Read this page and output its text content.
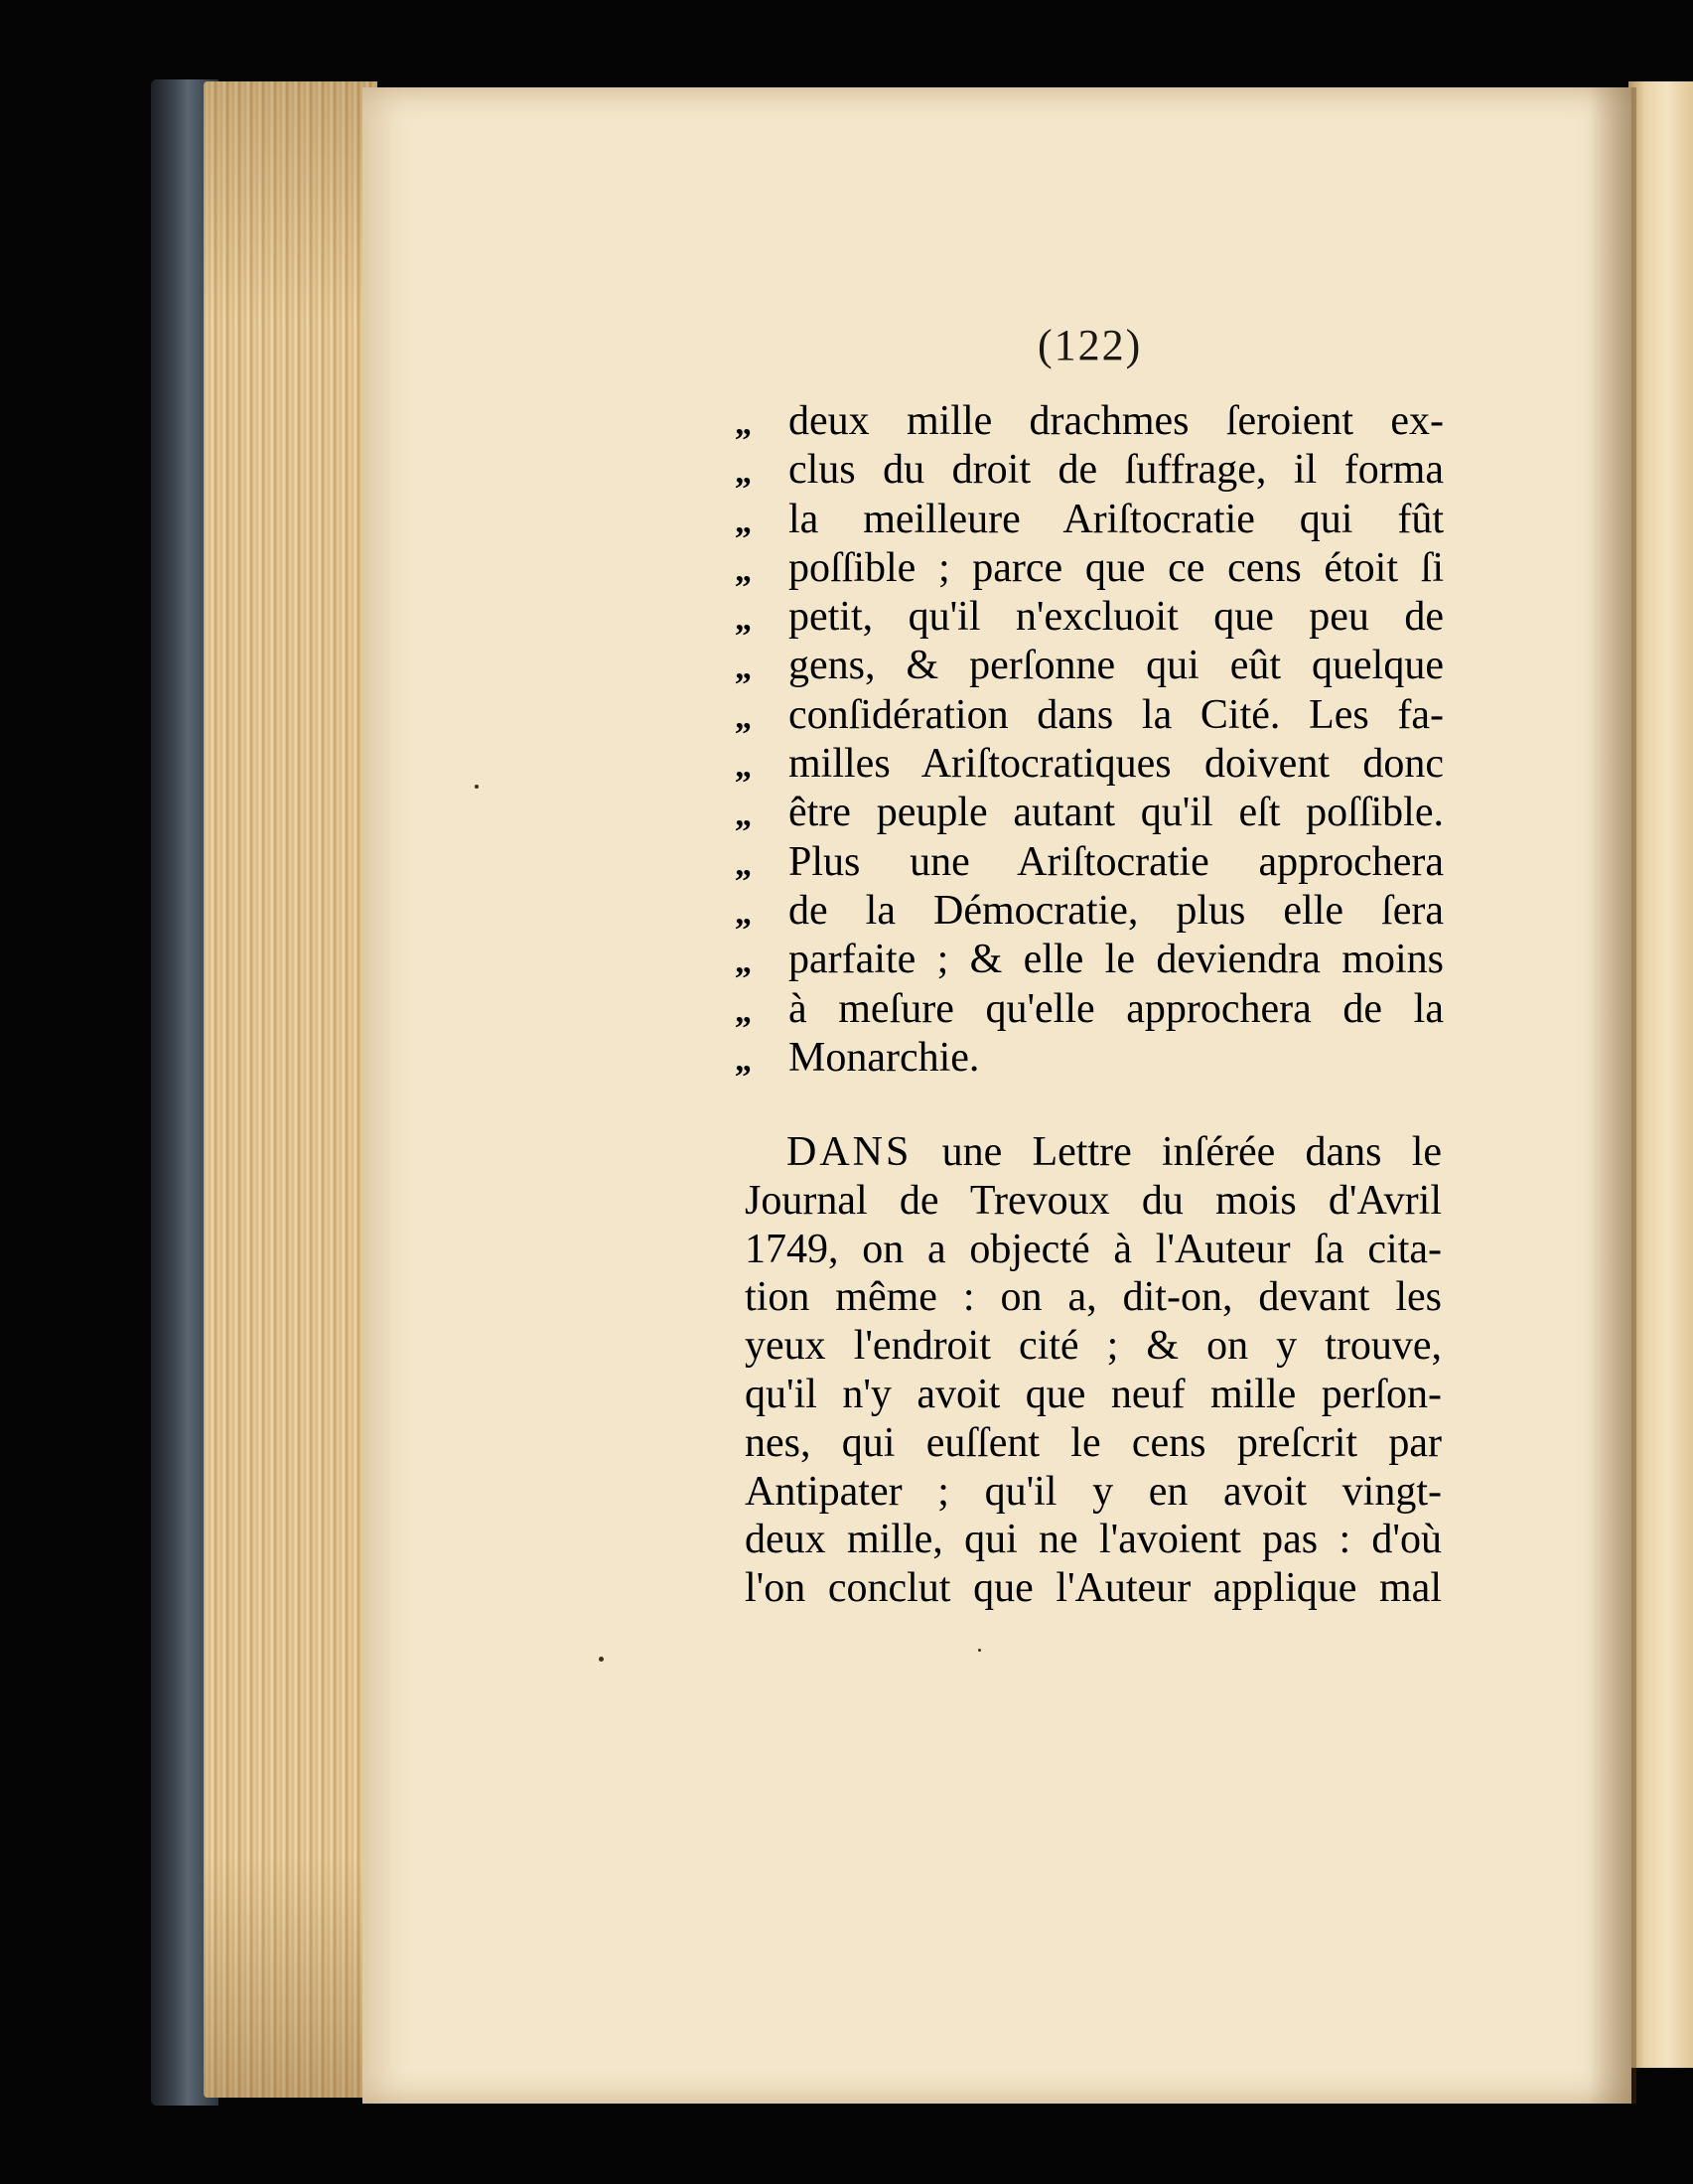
(122)
„ deux mille drachmes ſeroient ex-
„ clus du droit de ſuffrage, il forma
„ la meilleure Ariſtocratie qui fût
„ poſſible ; parce que ce cens étoit ſi
„ petit, qu'il n'excluoit que peu de
„ gens, & perſonne qui eût quelque
„ conſidération dans la Cité. Les fa-
„ milles Ariſtocratiques doivent donc
„ être peuple autant qu'il eſt poſſible.
„ Plus une Ariſtocratie approchera
„ de la Démocratie, plus elle ſera
„ parfaite ; & elle le deviendra moins
„ à meſure qu'elle approchera de la
„ Monarchie.
DANS une Lettre inſérée dans le
Journal de Trevoux du mois d'Avril
1749, on a objecté à l'Auteur ſa cita-
tion même : on a, dit-on, devant les
yeux l'endroit cité ; & on y trouve,
qu'il n'y avoit que neuf mille perſon-
nes, qui euſſent le cens preſcrit par
Antipater ; qu'il y en avoit vingt-
deux mille, qui ne l'avoient pas : d'où
l'on conclut que l'Auteur applique mal
